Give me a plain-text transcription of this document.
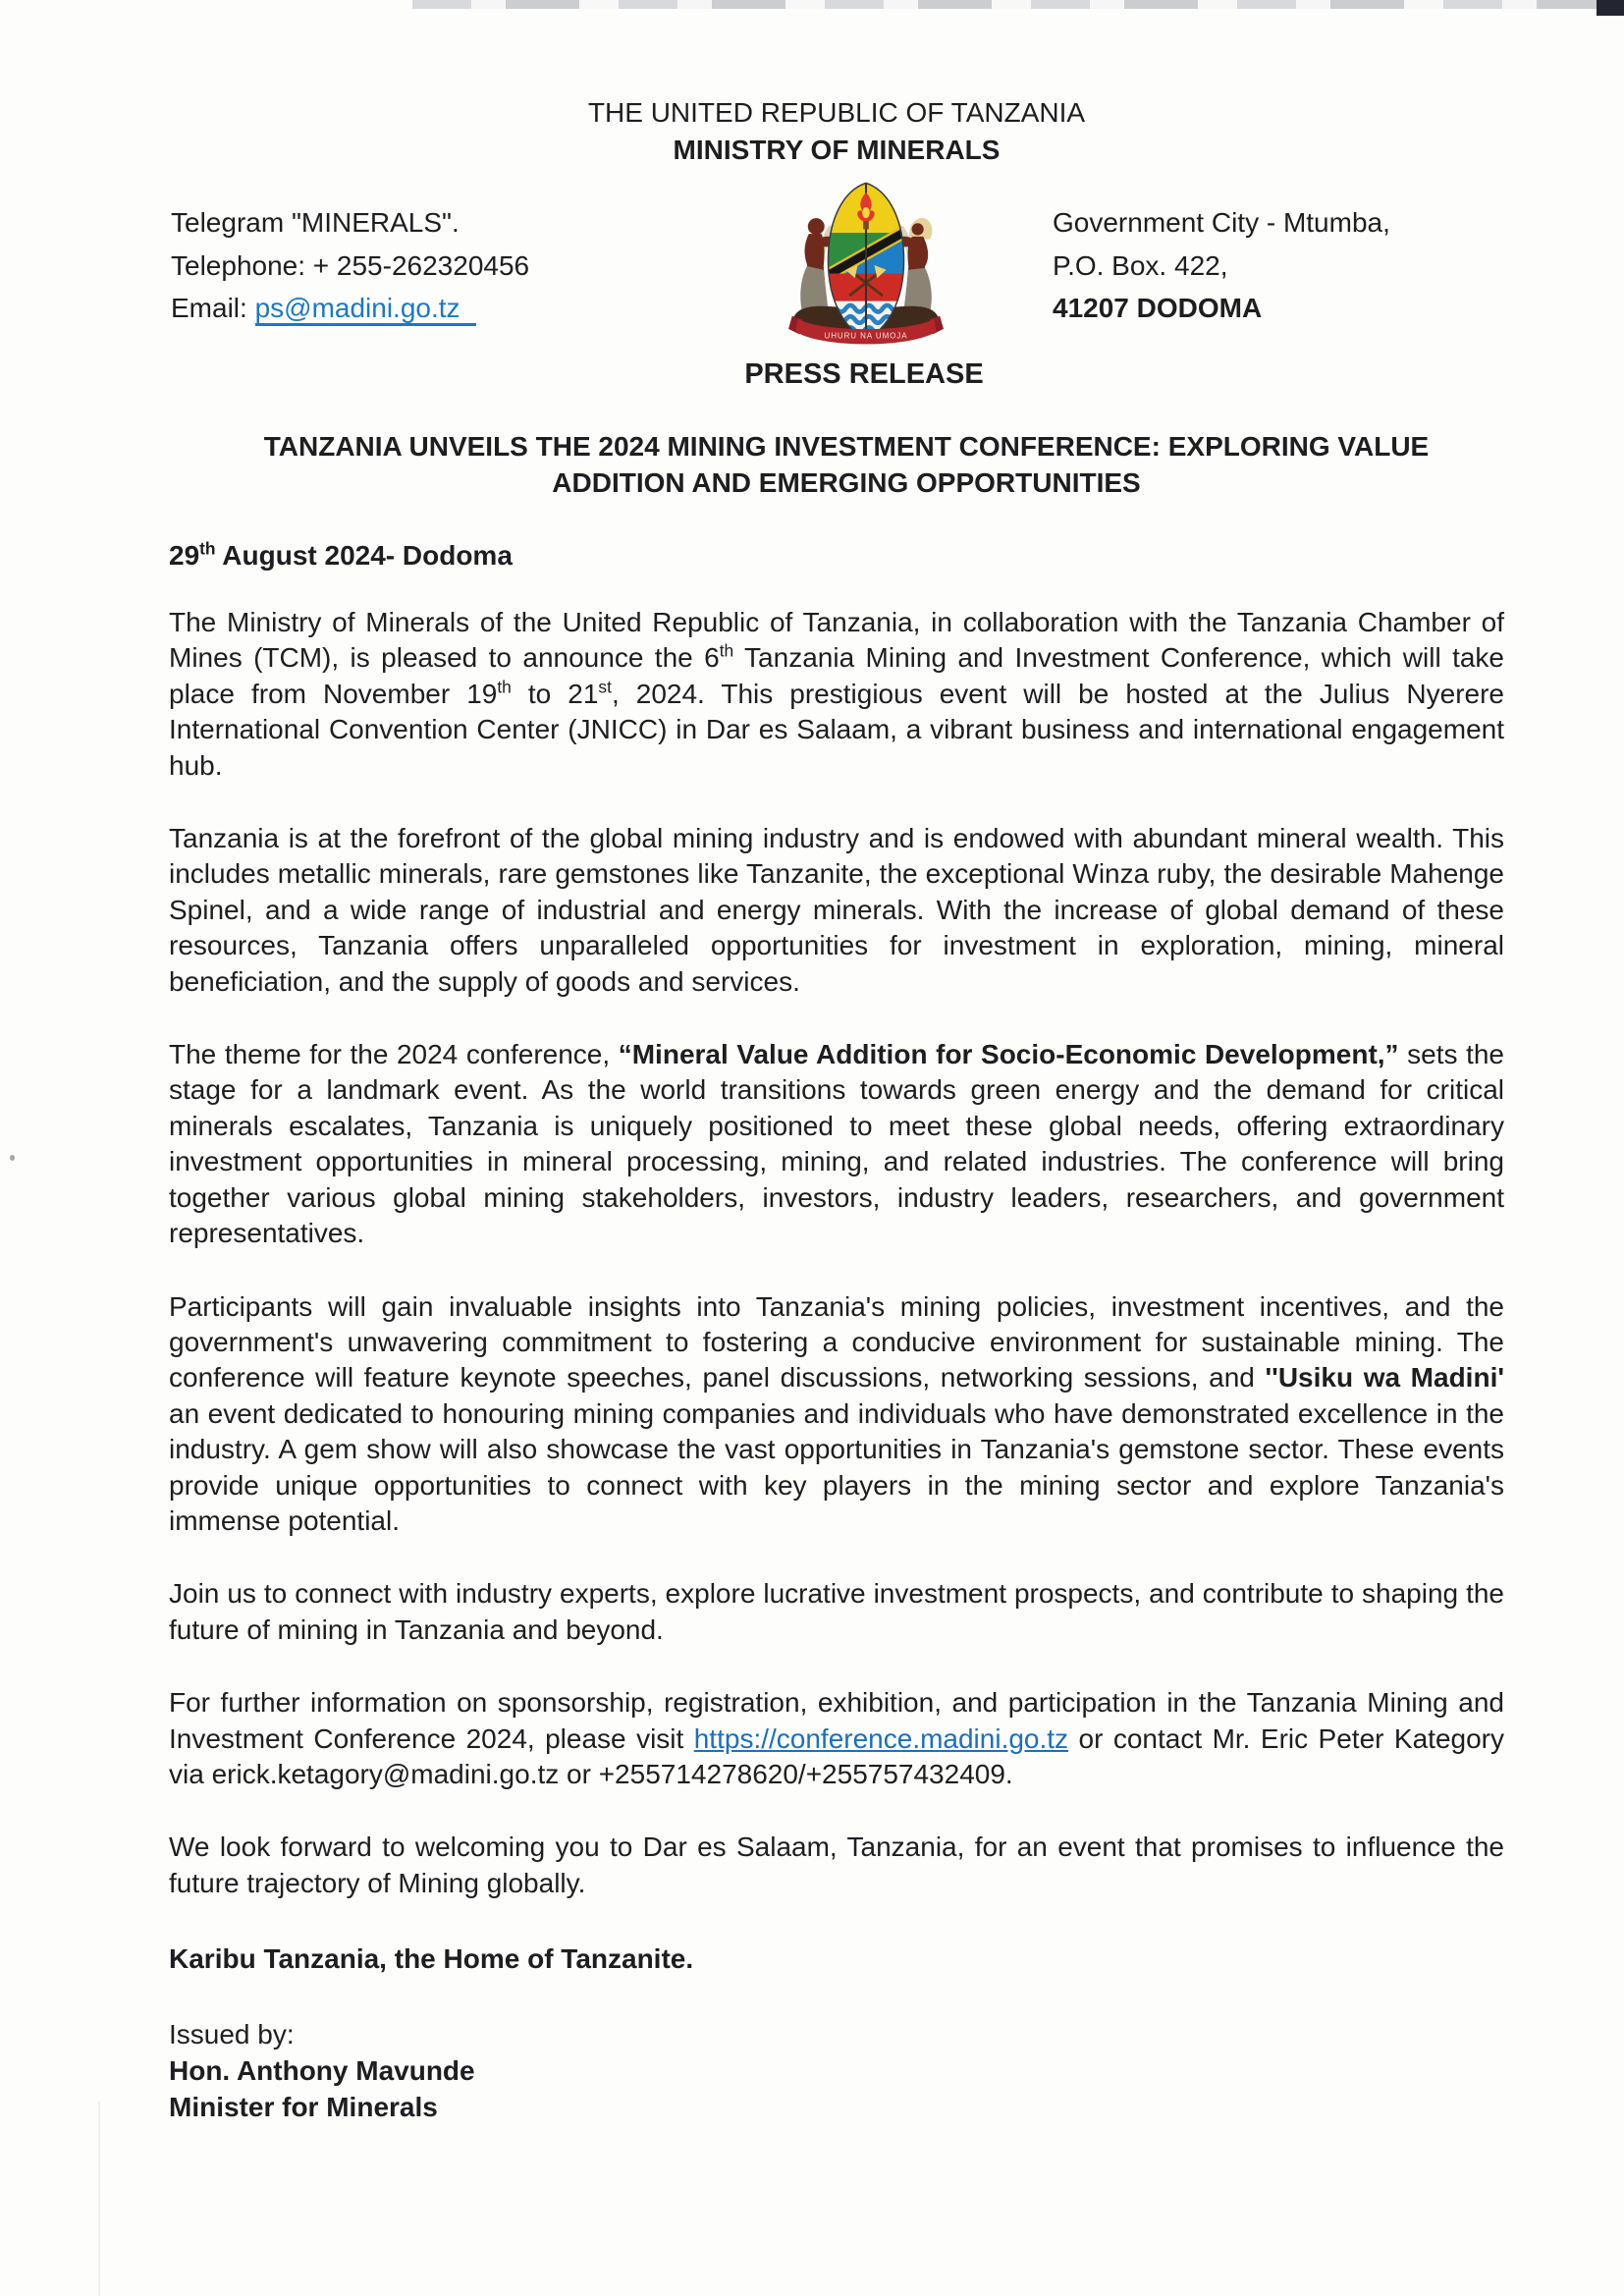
THE UNITED REPUBLIC OF TANZANIA
MINISTRY OF MINERALS
Telegram "MINERALS".
Telephone: + 255-262320456
Email: ps@madini.go.tz
UHURU NA UMOJA
Government City - Mtumba,
P.O. Box. 422,
41207 DODOMA
PRESS RELEASE
TANZANIA UNVEILS THE 2024 MINING INVESTMENT CONFERENCE: EXPLORING VALUE
ADDITION AND EMERGING OPPORTUNITIES
29th August 2024- Dodoma

The Ministry of Minerals of the United Republic of Tanzania, in collaboration with the Tanzania Chamber of Mines (TCM), is pleased to announce the 6th Tanzania Mining and Investment Conference, which will take place from November 19th to 21st, 2024. This prestigious event will be hosted at the Julius Nyerere International Convention Center (JNICC) in Dar es Salaam, a vibrant business and international engagement hub.

Tanzania is at the forefront of the global mining industry and is endowed with abundant mineral wealth. This includes metallic minerals, rare gemstones like Tanzanite, the exceptional Winza ruby, the desirable Mahenge Spinel, and a wide range of industrial and energy minerals. With the increase of global demand of these resources, Tanzania offers unparalleled opportunities for investment in exploration, mining, mineral beneficiation, and the supply of goods and services.

The theme for the 2024 conference, “Mineral Value Addition for Socio-Economic Development,” sets the stage for a landmark event. As the world transitions towards green energy and the demand for critical minerals escalates, Tanzania is uniquely positioned to meet these global needs, offering extraordinary investment opportunities in mineral processing, mining, and related industries. The conference will bring together various global mining stakeholders, investors, industry leaders, researchers, and government representatives.

Participants will gain invaluable insights into Tanzania's mining policies, investment incentives, and the government's unwavering commitment to fostering a conducive environment for sustainable mining. The conference will feature keynote speeches, panel discussions, networking sessions, and ''Usiku wa Madini' an event dedicated to honouring mining companies and individuals who have demonstrated excellence in the industry. A gem show will also showcase the vast opportunities in Tanzania's gemstone sector. These events provide unique opportunities to connect with key players in the mining sector and explore Tanzania's immense potential.

Join us to connect with industry experts, explore lucrative investment prospects, and contribute to shaping the future of mining in Tanzania and beyond.

For further information on sponsorship, registration, exhibition, and participation in the Tanzania Mining and Investment Conference 2024, please visit https://conference.madini.go.tz or contact Mr. Eric Peter Kategory via erick.ketagory@madini.go.tz or +255714278620/+255757432409.

We look forward to welcoming you to Dar es Salaam, Tanzania, for an event that promises to influence the future trajectory of Mining globally.

Karibu Tanzania, the Home of Tanzanite.
Issued by:
Hon. Anthony Mavunde
Minister for Minerals
